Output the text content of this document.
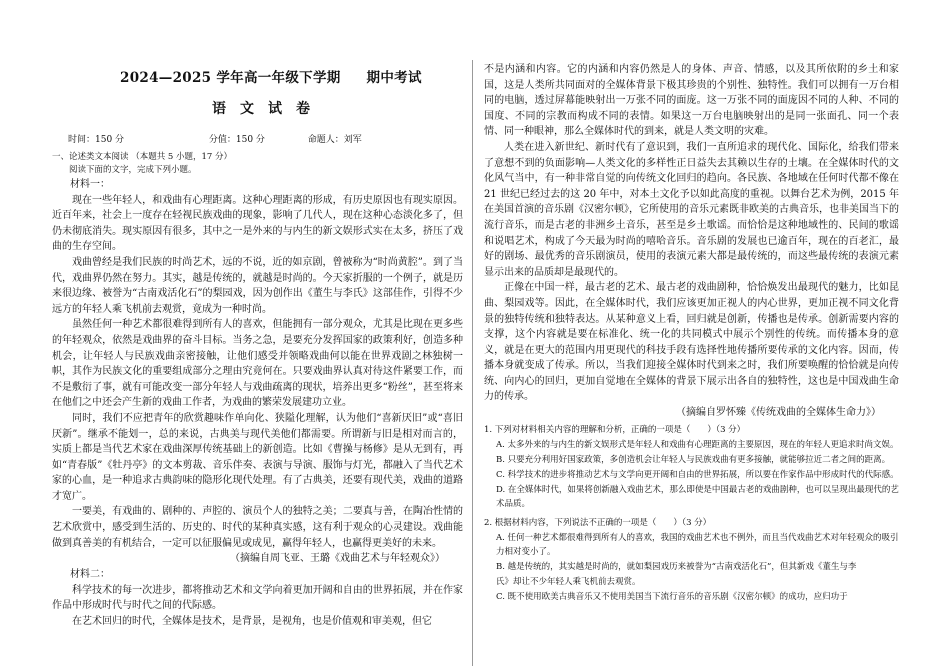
2024—2025 学年高一年级下学期 期中考试
语文试卷
时间：150 分	分值：150 分	命题人：刘军

一、论述类文本阅读 （本题共 5 小题，17 分）

阅读下面的文字，完成下列小题。

材料一：

现在一些年轻人，和戏曲有心理距离。这种心理距离的形成，有历史原因也有现实原因。近百年来，社会上一度存在轻视民族戏曲的现象，影响了几代人，现在这种心态淡化多了，但仍未彻底消失。现实原因有很多，其中之一是外来的与内生的新文娱形式实在太多，挤压了戏曲的生存空间。

戏曲曾经是我们民族的时尚艺术，远的不说，近的如京剧，曾被称为“时尚黄腔”。到了当代，戏曲界仍然在努力。其实，越是传统的，就越是时尚的。今天家折服的一个例子，就是历来很边缘、被誉为“古南戏活化石”的梨园戏，因为创作出《董生与李氏》这部佳作，引得不少远方的年轻人乘飞机前去观赏，竟成为一种时尚。

虽然任何一种艺术都很难得到所有人的喜欢，但能拥有一部分观众，尤其是比现在更多些的年轻观众，依然是戏曲界的奋斗目标。当务之急，是要充分发挥国家的政策利好，创造多种机会，让年轻人与民族戏曲亲密接触，让他们感受并领略戏曲何以能在世界戏剧之林独树一帜，其作为民族文化的重要组成部分之理由究竟何在。只要戏曲界认真对待这件紧要工作，而不是敷衍了事，就有可能改变一部分年轻人与戏曲疏离的现状，培养出更多“粉丝”，甚至将来在他们之中还会产生新的戏曲工作者，为戏曲的繁荣发展建功立业。

同时，我们不应把青年的欣赏趣味作单向化、狭隘化理解，认为他们“喜新厌旧”或“喜旧厌新”。继承不能划一，总的来说，古典美与现代美他们都需要。所谓新与旧是相对而言的，实质上都是当代艺术家在戏曲深厚传统基础上的新创造。比如《曹操与杨修》是从无到有，再如“青春版”《牡丹亭》的文本剪裁、音乐伴奏、表演与导演、服饰与灯光，都融入了当代艺术家的心血，是一种追求古典韵味的隐形化现代处理。有了古典美，还要有现代美，戏曲的道路才宽广。

一要美，有戏曲的、剧种的、声腔的、演员个人的独特之美；二要真与善，在陶冶性情的艺术欣赏中，感受到生活的、历史的、时代的某种真实感，这有利于观众的心灵建设。戏曲能做到真善美的有机结合，一定可以征服偏见或成见，赢得年轻人，也赢得更美好的未来。

（摘编自周飞亚、王璐《戏曲艺术与年轻观众》）

材料二：

科学技术的每一次进步，都将推动艺术和文学向着更加开阔和自由的世界拓展，并在作家作品中形成时代与时代之间的代际感。

在艺术回归的时代，全媒体是技术，是背景，是视角，也是价值观和审美观，但它

不是内涵和内容。它的内涵和内容仍然是人的身体、声音、情感，以及其所依附的乡土和家国，这是人类所共同面对的全媒体背景下极其珍贵的个别性、独特性。我们可以拥有一万台相同的电脑，透过屏幕能映射出一万张不同的面庞。这一万张不同的面庞因不同的人种、不同的国度、不同的宗教而构成不同的表情。如果这一万台电脑映射出的是同一张面孔、同一个表情、同一种眼神，那么全媒体时代的到来，就是人类文明的灾难。

人类在进入新世纪、新时代有了意识到，我们一直所追求的现代化、国际化，给我们带来了意想不到的负面影响—人类文化的多样性正日益失去其赖以生存的土壤。在全媒体时代的文化风气当中，有一种非常自觉的向传统文化回归的趋向。各民族、各地域在任何时代都不像在 21 世纪已经过去的这 20 年中，对本土文化予以如此高度的重视。以舞台艺术为例，2015 年在美国首演的音乐剧《汉密尔顿》，它所使用的音乐元素既非欧美的古典音乐，也非美国当下的流行音乐，而是古老的非洲乡土音乐，甚至是乡土歌谣。而恰恰是这种地域性的、民间的歌谣和说唱艺术，构成了今天最为时尚的嘻哈音乐。音乐剧的发展也已逾百年，现在的百老汇，最好的剧场、最优秀的音乐剧演员，使用的表演元素大都是最传统的，而这些最传统的表演元素显示出来的品质却是最现代的。

正像在中国一样，最古老的艺术、最古老的戏曲剧种，恰恰焕发出最现代的魅力，比如昆曲、梨园戏等。因此，在全媒体时代，我们应该更加正视人的内心世界，更加正视不同文化背景的独特传统和独特表达。从某种意义上看，回归就是创新，传播也是传承。创新需要内容的支撑，这个内容就是要在标准化、统一化的共同模式中展示个别性的传统。而传播本身的意义，就是在更大的范围内用更现代的科技手段有选择性地传播所要传承的文化内容。因而，传播本身就变成了传承。所以，当我们迎接全媒体时代到来之时，我们所要唤醒的恰恰就是向传统、向内心的回归，更加自觉地在全媒体的背景下展示出各自的独特性，这也是中国戏曲生命力的传承。

（摘编自罗怀臻《传统戏曲的全媒体生命力》）

1. 下列对材料相关内容的理解和分析，正确的一项是（　　）（3 分）

A. 太多外来的与内生的新文娱形式是年轻人和戏曲有心理距离的主要原因，现在的年轻人更追求时尚文娱。

B. 只要充分利用好国家政策，多创造机会让年轻人与民族戏曲有更多接触，就能够拉近二者之间的距离。

C. 科学技术的进步将推动艺术与文学向更开阔和自由的世界拓展，所以要在作家作品中形成时代的代际感。

D. 在全媒体时代，如果将创新融入戏曲艺术，那么即使是中国最古老的戏曲剧种，也可以呈现出最现代的艺术品质。

2. 根据材料内容，下列说法不正确的一项是（　　）（3 分）

A. 任何一种艺术都很难得到所有人的喜欢，我国的戏曲艺术也不例外，而且当代戏曲艺术对年轻观众的吸引力相对变小了。

B. 越是传统的，其实越是时尚的，就如梨园戏历来被誉为“古南戏活化石”，但其新戏《董生与李

氏》却让不少年轻人乘飞机前去观赏。

C. 既不使用欧美古典音乐又不使用美国当下流行音乐的音乐剧《汉密尔顿》的成功，应归功于
